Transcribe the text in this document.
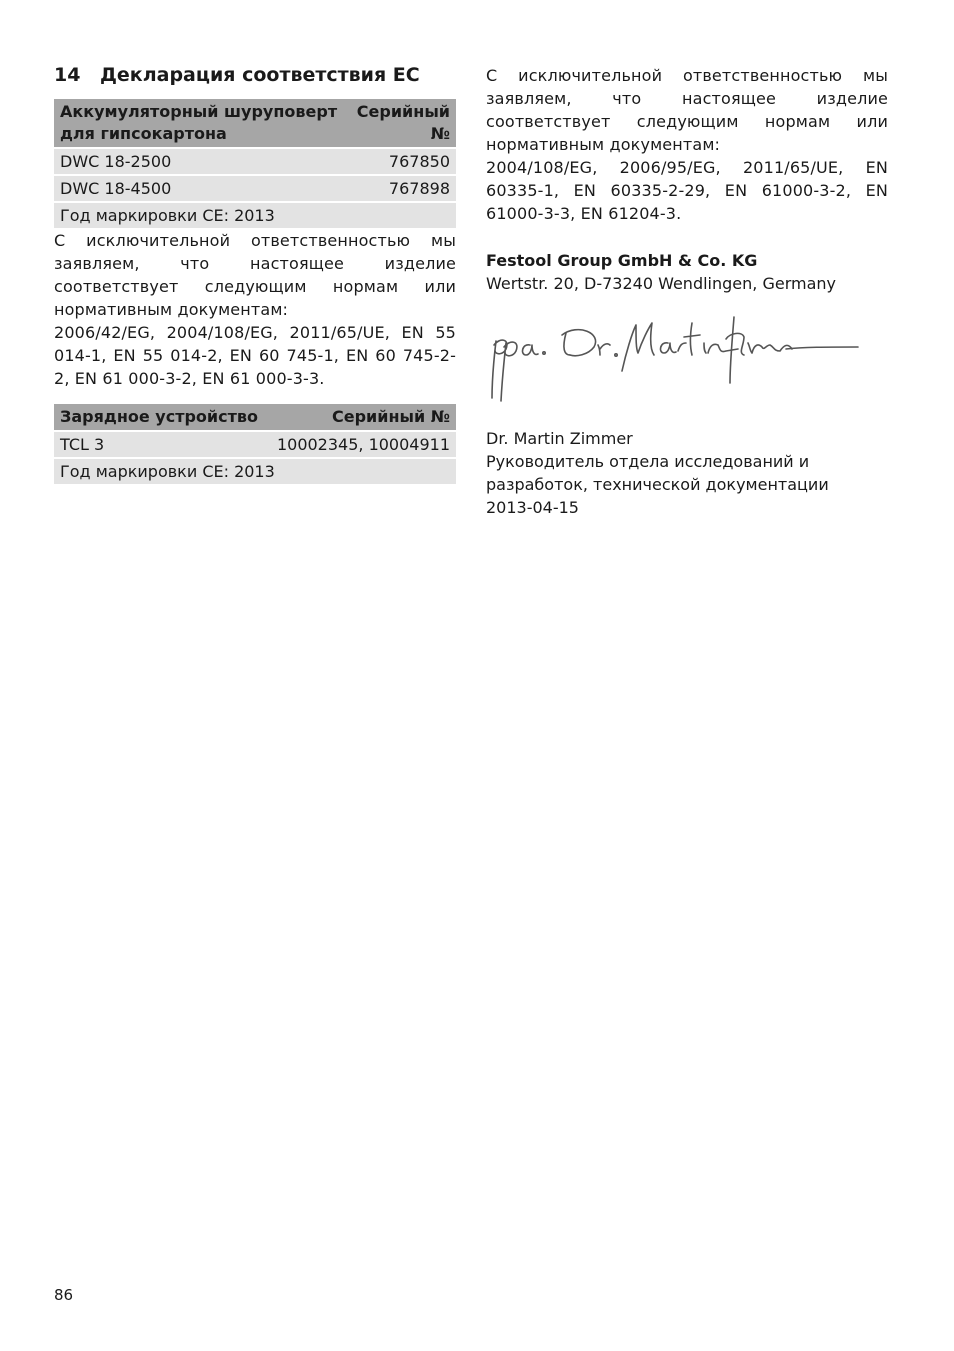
14 Декларация соответствия ЕС
Аккумуляторный шуруповерт для гипсокартона	Серийный №
DWC 18-2500	767850
DWC 18-4500	767898
Год маркировки CE: 2013	

С исключительной ответственностью мы заявляем, что настоящее изделие соответствует следующим нормам или нормативным документам:

2006/42/EG, 2004/108/EG, 2011/65/UE, EN 55 014-1, EN 55 014-2, EN 60 745-1, EN 60 745-2-2, EN 61 000-3-2, EN 61 000-3-3.

Зарядное устройство	Серийный №
TCL 3	10002345, 10004911
Год маркировки CE: 2013	

С исключительной ответственностью мы заявляем, что настоящее изделие соответствует следующим нормам или нормативным документам:

2004/108/EG, 2006/95/EG, 2011/65/UE, EN 60335-1, EN 60335-2-29, EN 61000-3-2, EN 61000-3-3, EN 61204-3.

Festool Group GmbH & Co. KG
Wertstr. 20, D-73240 Wendlingen, Germany
Dr. Martin Zimmer
Руководитель отдела исследований и разработок, технической документации
2013-04-15
86
